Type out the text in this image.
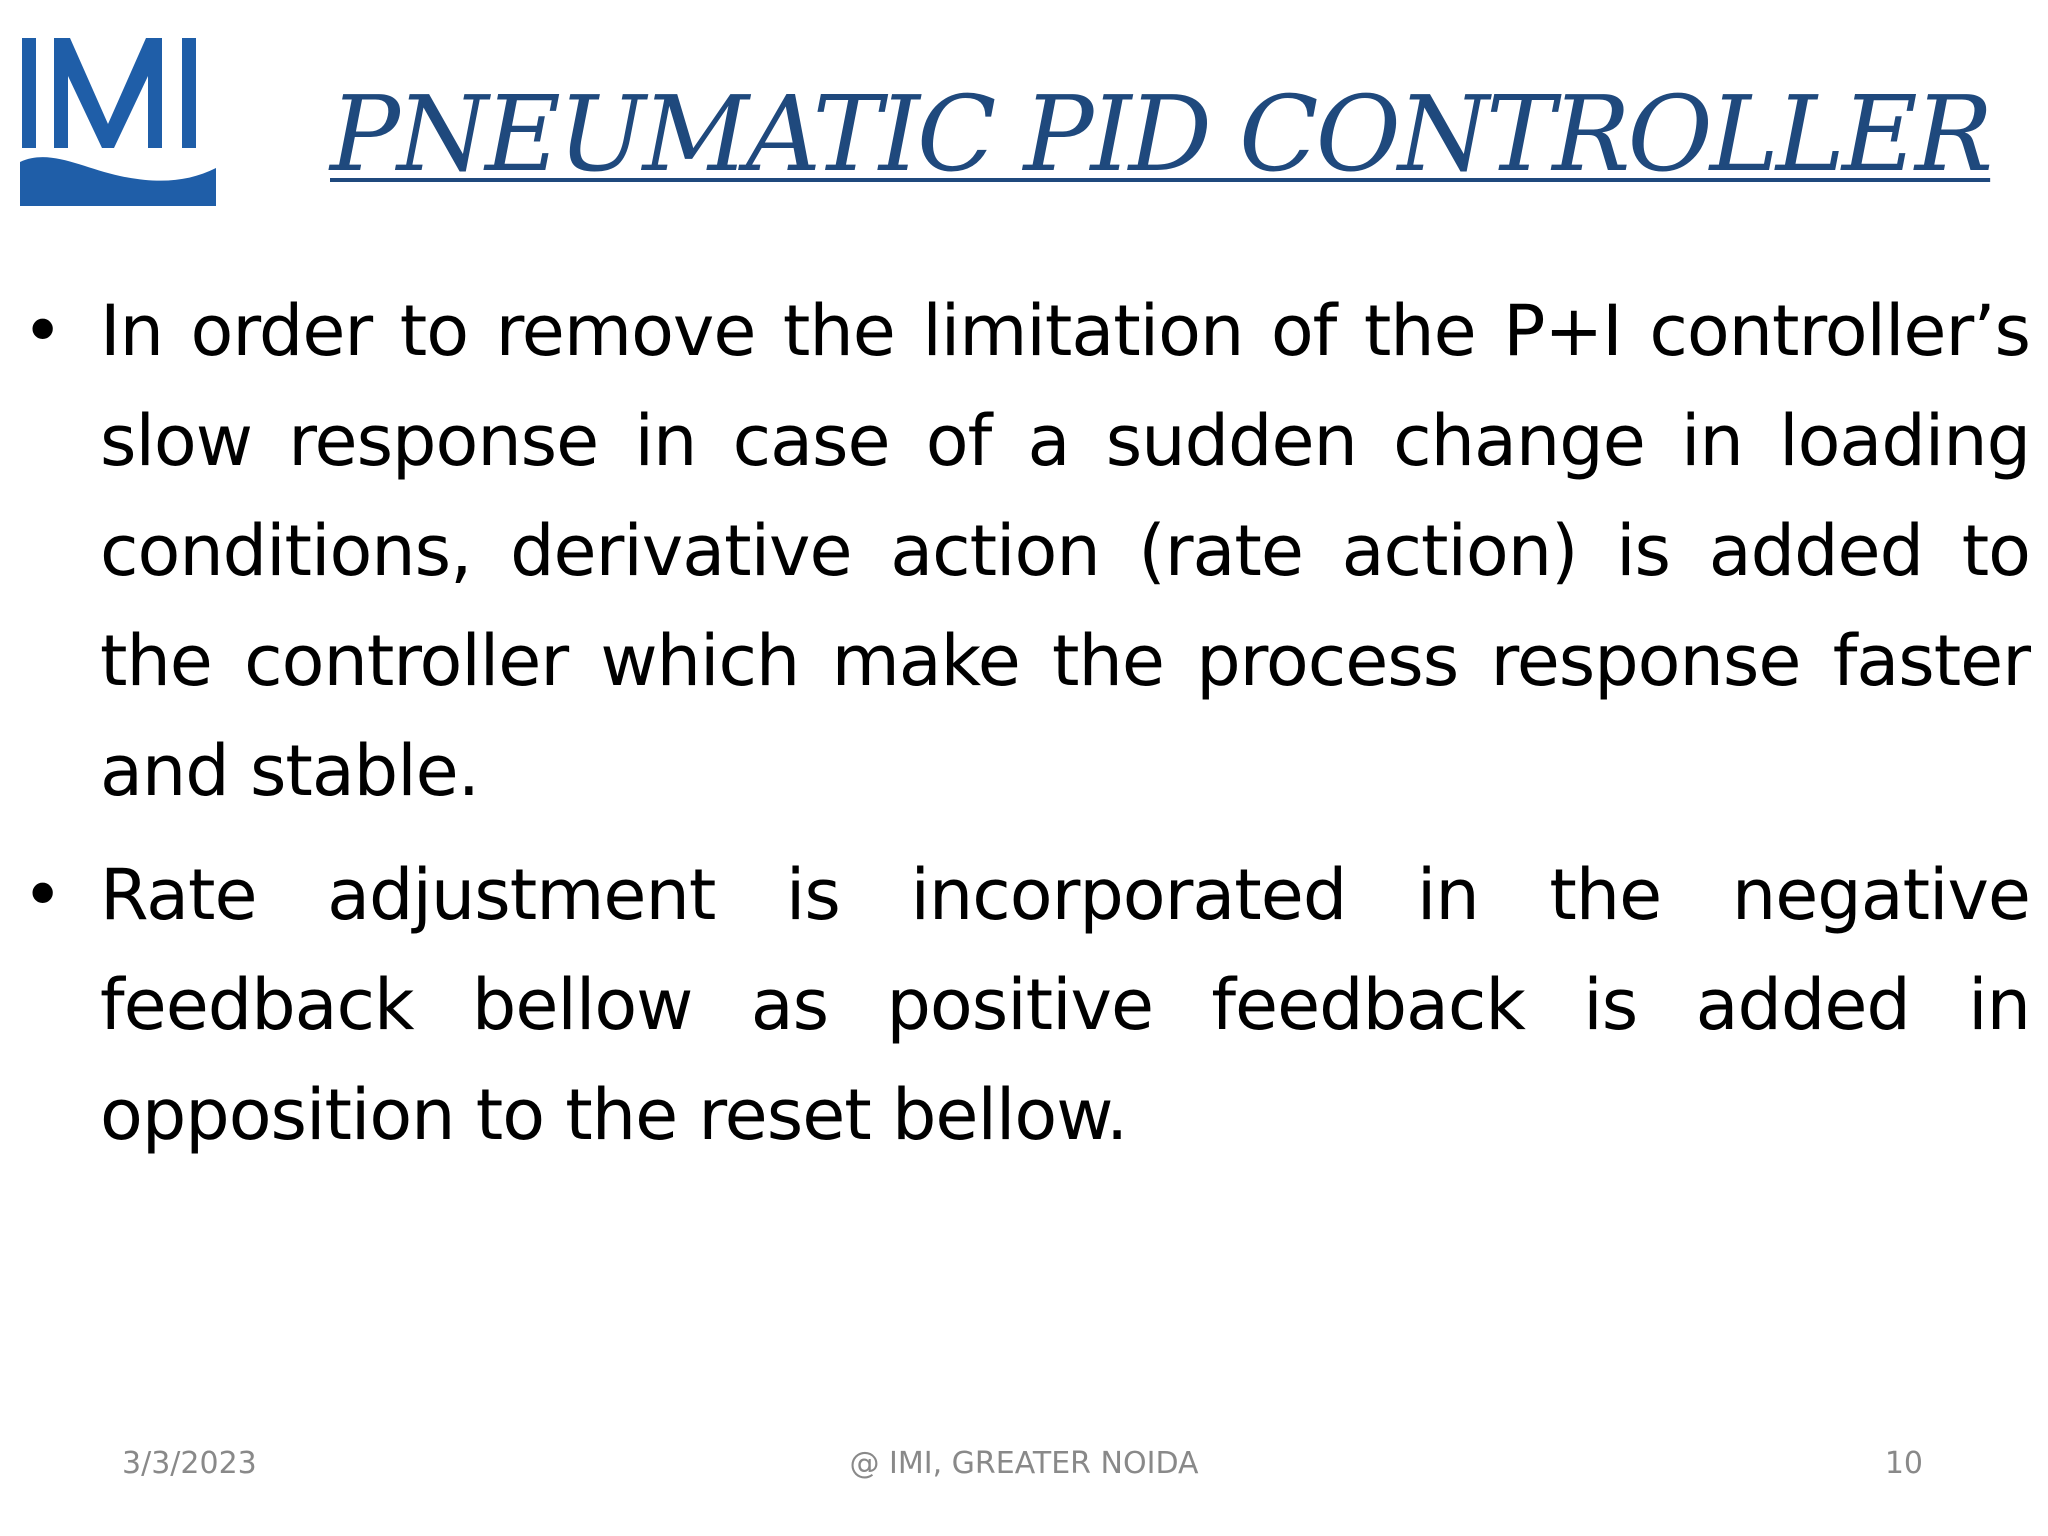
PNEUMATIC PID CONTROLLER
• In order to remove the limitation of the P+I controller’s slow response in case of a sudden change in loading conditions, derivative action (rate action) is added to the controller which make the process response faster and stable.
• Rate adjustment is incorporated in the negative feedback bellow as positive feedback is added in opposition to the reset bellow.
@ IMI, GREATER NOIDA
3/3/2023	10
